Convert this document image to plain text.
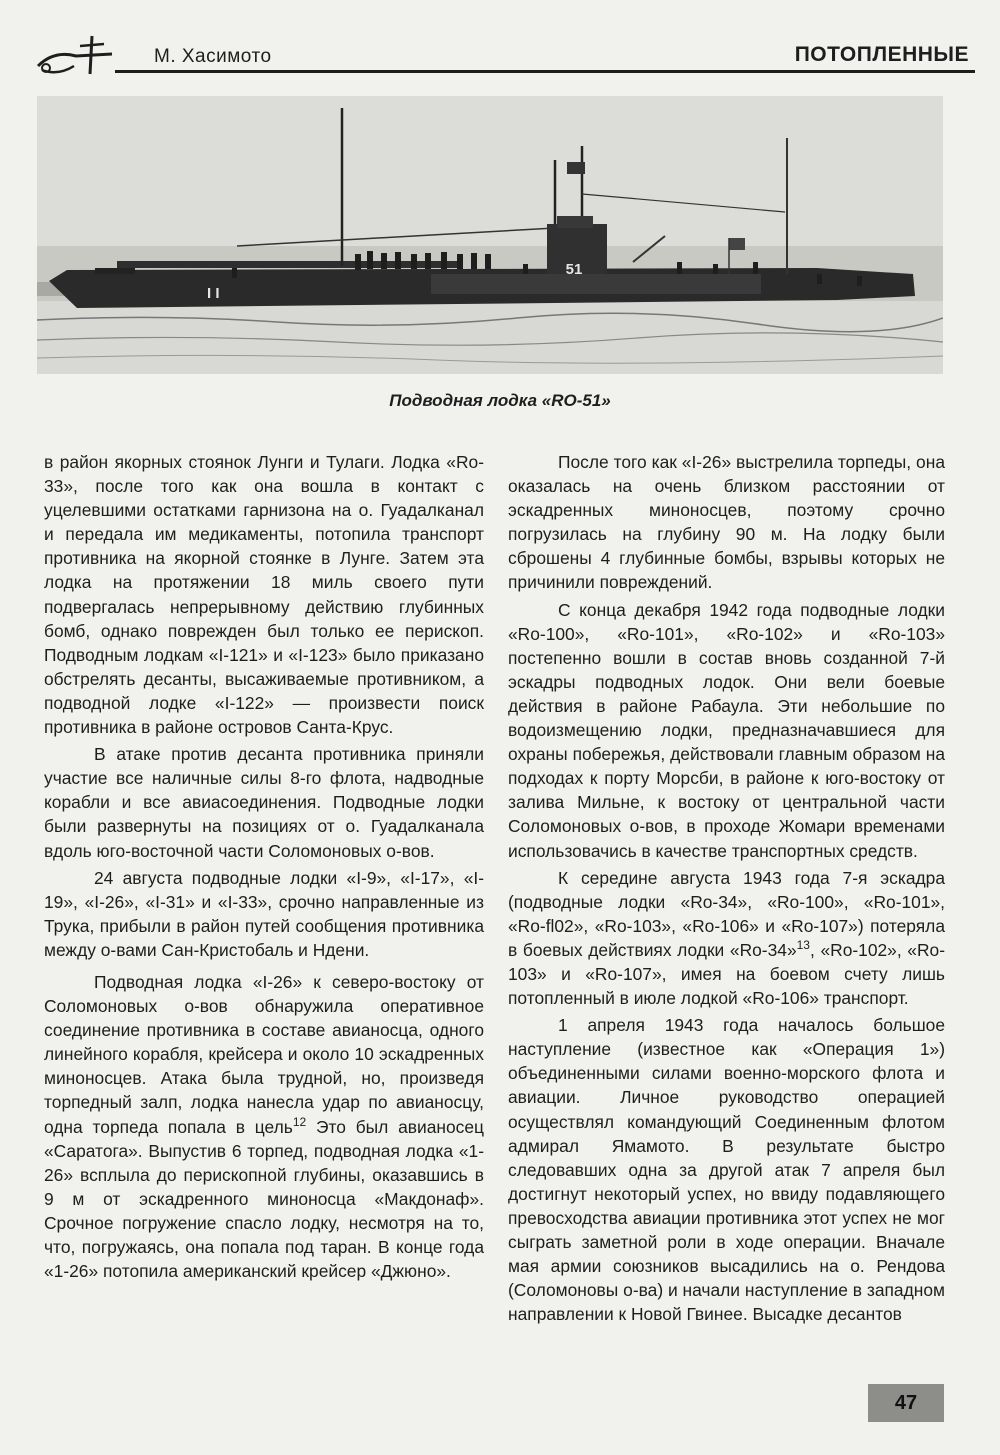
М. Хасимото	ПОТОПЛЕННЫЕ
51
I I
Подводная лодка «RO-51»

в район якорных стоянок Лунги и Тулаги. Лодка «Ro-33», после того как она вошла в контакт с уцелевшими остатками гарнизона на о. Гуадалканал и передала им медикаменты, потопила транспорт противника на якорной стоянке в Лунге. Затем эта лодка на протяжении 18 миль своего пути подвергалась непрерывному действию глубинных бомб, однако поврежден был только ее перископ. Подводным лодкам «I-121» и «I-123» было приказано обстрелять десанты, высаживаемые противником, а подводной лодке «I-122» — произвести поиск противника в районе островов Санта-Крус.

В атаке против десанта противника приняли участие все наличные силы 8-го флота, надводные корабли и все авиасоединения. Подводные лодки были развернуты на позициях от о. Гуадалканала вдоль юго-восточной части Соломоновых о-вов.

24 августа подводные лодки «I-9», «I-17», «I-19», «I-26», «I-31» и «I-33», срочно направленные из Трука, прибыли в район путей сообщения противника между о-вами Сан-Кристобаль и Ндени.

Подводная лодка «I-26» к северо-востоку от Соломоновых о-вов обнаружила оперативное соединение противника в составе авианосца, одного линейного корабля, крейсера и около 10 эскадренных миноносцев. Атака была трудной, но, произведя торпедный залп, лодка нанесла удар по авианосцу, одна торпеда попала в цель$^{12}$ Это был авианосец «Саратога». Выпустив 6 торпед, подводная лодка «1-26» всплыла до перископной глубины, оказавшись в 9 м от эскадренного миноносца «Макдонаф». Срочное погружение спасло лодку, несмотря на то, что, погружаясь, она попала под таран. В конце года «1-26» потопила американский крейсер «Джюно».

После того как «I-26» выстрелила торпеды, она оказалась на очень близком расстоянии от эскадренных миноносцев, поэтому срочно погрузилась на глубину 90 м. На лодку были сброшены 4 глубинные бомбы, взрывы которых не причинили повреждений.

С конца декабря 1942 года подводные лодки «Ro-100», «Ro-101», «Ro-102» и «Ro-103» постепенно вошли в состав вновь созданной 7-й эскадры подводных лодок. Они вели боевые действия в районе Рабаула. Эти небольшие по водоизмещению лодки, предназначавшиеся для охраны побережья, действовали главным образом на подходах к порту Морсби, в районе к юго-востоку от залива Мильне, к востоку от центральной части Соломоновых о-вов, в проходе Жомари временами использовачись в качестве транспортных средств.

К середине августа 1943 года 7-я эскадра (подводные лодки «Ro-34», «Ro-100», «Ro-101», «Ro-fl02», «Ro-103», «Ro-106» и «Ro-107») потеряла в боевых действиях лодки «Ro-34»$^{13}$, «Ro-102», «Ro-103» и «Ro-107», имея на боевом счету лишь потопленный в июле лодкой «Ro-106» транспорт.

1 апреля 1943 года началось большое наступление (известное как «Операция 1») объединенными силами военно-морского флота и авиации. Личное руководство операцией осуществлял командующий Соединенным флотом адмирал Ямамото. В результате быстро следовавших одна за другой атак 7 апреля был достигнут некоторый успех, но ввиду подавляющего превосходства авиации противника этот успех не мог сыграть заметной роли в ходе операции. Вначале мая армии союзников высадились на о. Рендова (Соломоновы о-ва) и начали наступление в западном направлении к Новой Гвинее. Высадке десантов

47
